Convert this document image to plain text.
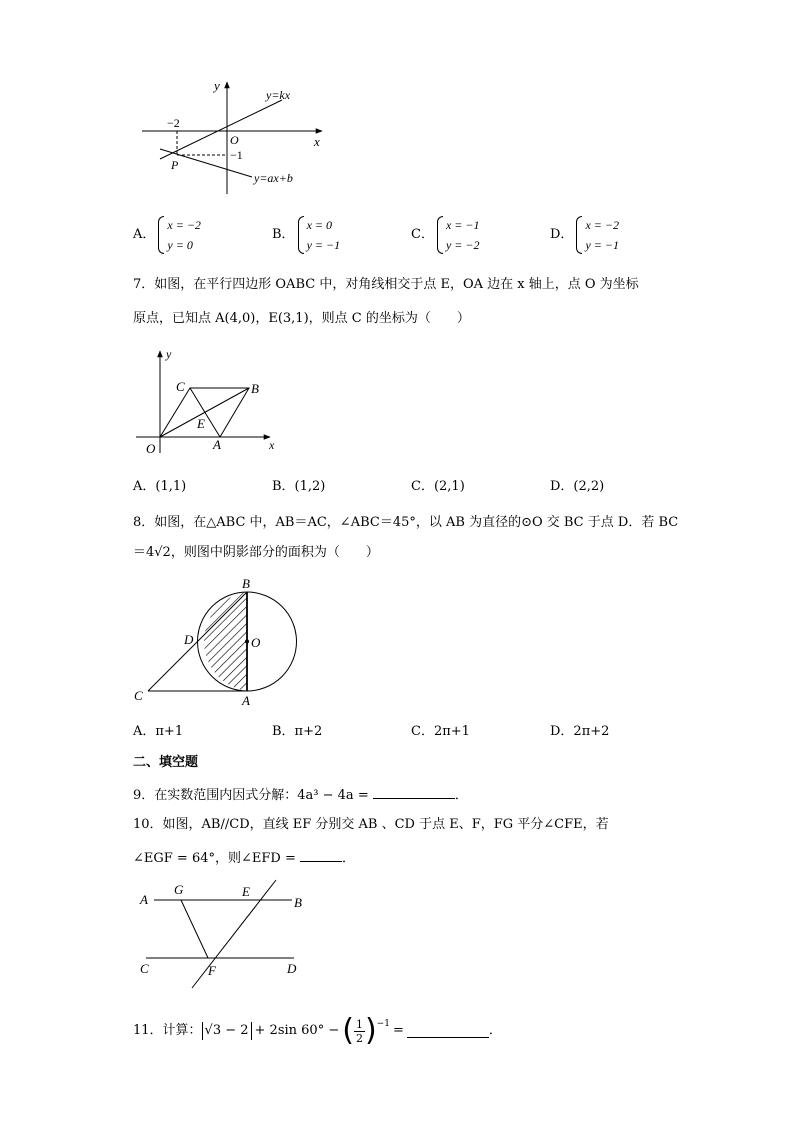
y
x
O
−2
−1
P
y=kx
y=ax+b
A．
x = −2
y = 0
B．
x = 0
y = −1
C．
x = −1
y = −2
D．
x = −2
y = −1
7．如图，在平行四边形 OABC 中，对角线相交于点 E，OA 边在 x 轴上，点 O 为坐标
原点，已知点 A(4,0)，E(3,1)，则点 C 的坐标为（　　）
y
x
O	A
B
C
E
A．(1,1)	B．(1,2)	C．(2,1)	D．(2,2)
8．如图，在△ABC 中，AB＝AC，∠ABC＝45°，以 AB 为直径的⊙O 交 BC 于点 D．若 BC
＝4√2，则图中阴影部分的面积为（　　）
B
A
C
D	O
A．π+1	B．π+2	C．2π+1	D．2π+2
二、填空题
9．在实数范围内因式分解：4a³ − 4a =	．
10．如图，AB//CD，直线 EF 分别交 AB 、CD 于点 E、F，FG 平分∠CFE，若
∠EGF = 64°，则∠EFD =	．
A	B
C	D
E
F
G
11．计算： √3 − 2 + 2sin 60° − ( $\frac{1}{2}$ ) −1 =	．
